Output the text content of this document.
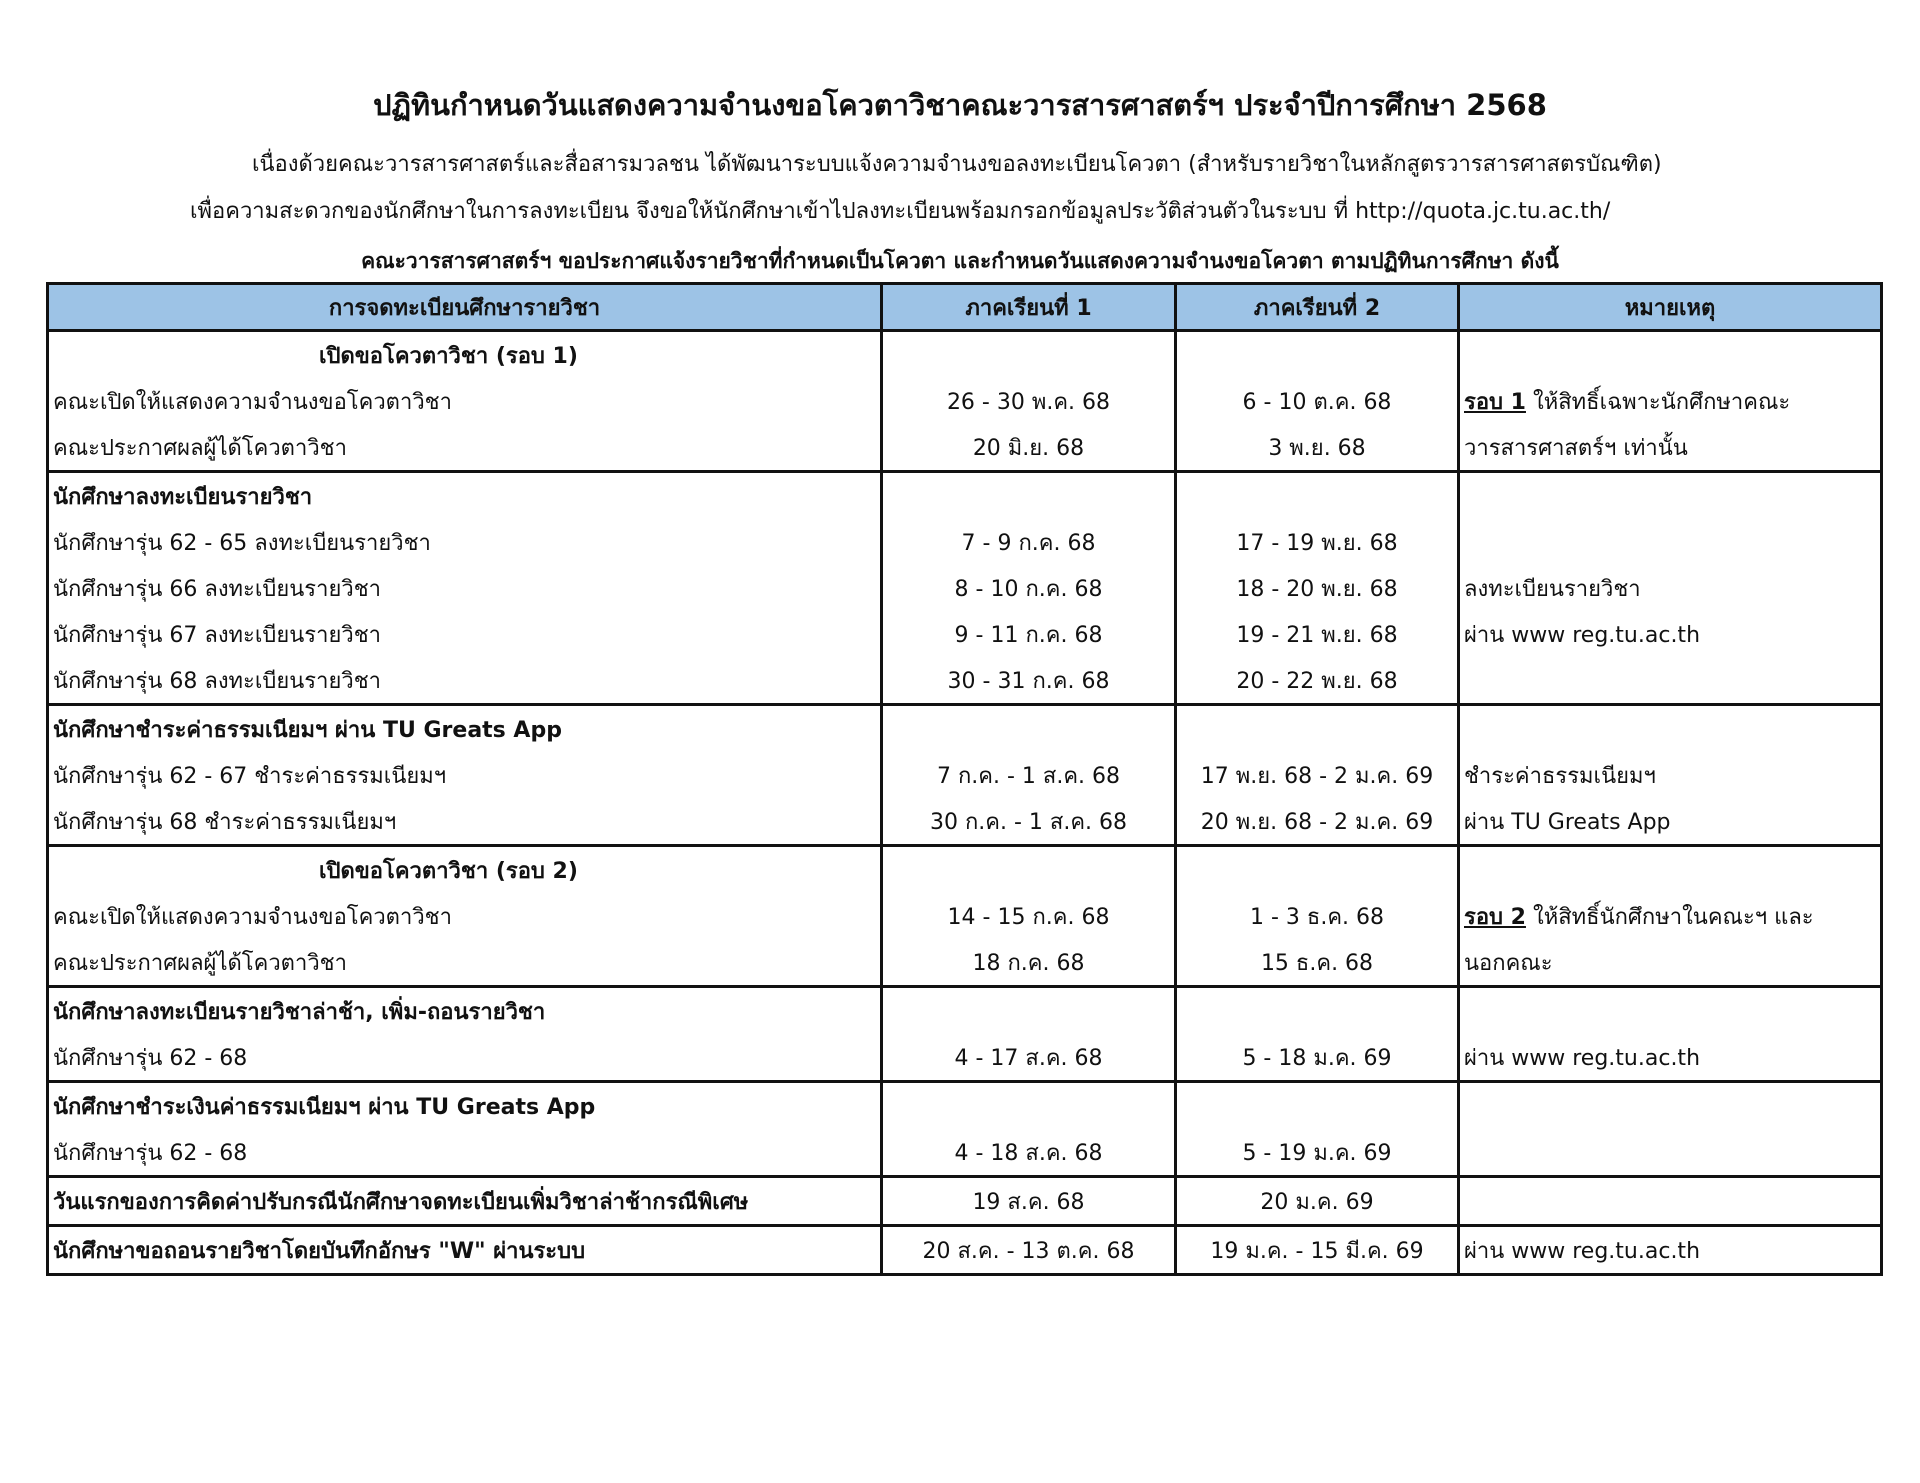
ปฏิทินกำหนดวันแสดงความจำนงขอโควตาวิชาคณะวารสารศาสตร์ฯ ประจำปีการศึกษา 2568
เนื่องด้วยคณะวารสารศาสตร์และสื่อสารมวลชน ได้พัฒนาระบบแจ้งความจำนงขอลงทะเบียนโควตา (สำหรับรายวิชาในหลักสูตรวารสารศาสตรบัณฑิต)
เพื่อความสะดวกของนักศึกษาในการลงทะเบียน จึงขอให้นักศึกษาเข้าไปลงทะเบียนพร้อมกรอกข้อมูลประวัติส่วนตัวในระบบ ที่ http://quota.jc.tu.ac.th/
คณะวารสารศาสตร์ฯ ขอประกาศแจ้งรายวิชาที่กำหนดเป็นโควตา และกำหนดวันแสดงความจำนงขอโควตา ตามปฏิทินการศึกษา ดังนี้
การจดทะเบียนศึกษารายวิชา	ภาคเรียนที่ 1	ภาคเรียนที่ 2	หมายเหตุ
เปิดขอโควตาวิชา (รอบ 1)			
คณะเปิดให้แสดงความจำนงขอโควตาวิชา	26 - 30 พ.ค. 68	6 - 10 ต.ค. 68	รอบ 1 ให้สิทธิ์เฉพาะนักศึกษาคณะ
คณะประกาศผลผู้ได้โควตาวิชา	20 มิ.ย. 68	3 พ.ย. 68	วารสารศาสตร์ฯ เท่านั้น
นักศึกษาลงทะเบียนรายวิชา			
นักศึกษารุ่น 62 - 65 ลงทะเบียนรายวิชา	7 - 9 ก.ค. 68	17 - 19 พ.ย. 68	
นักศึกษารุ่น 66 ลงทะเบียนรายวิชา	8 - 10 ก.ค. 68	18 - 20 พ.ย. 68	ลงทะเบียนรายวิชา
นักศึกษารุ่น 67 ลงทะเบียนรายวิชา	9 - 11 ก.ค. 68	19 - 21 พ.ย. 68	ผ่าน www reg.tu.ac.th
นักศึกษารุ่น 68 ลงทะเบียนรายวิชา	30 - 31 ก.ค. 68	20 - 22 พ.ย. 68	
นักศึกษาชำระค่าธรรมเนียมฯ ผ่าน TU Greats App			
นักศึกษารุ่น 62 - 67 ชำระค่าธรรมเนียมฯ	7 ก.ค. - 1 ส.ค. 68	17 พ.ย. 68 - 2 ม.ค. 69	ชำระค่าธรรมเนียมฯ
นักศึกษารุ่น 68 ชำระค่าธรรมเนียมฯ	30 ก.ค. - 1 ส.ค. 68	20 พ.ย. 68 - 2 ม.ค. 69	ผ่าน TU Greats App
เปิดขอโควตาวิชา (รอบ 2)			
คณะเปิดให้แสดงความจำนงขอโควตาวิชา	14 - 15 ก.ค. 68	1 - 3 ธ.ค. 68	รอบ 2 ให้สิทธิ์นักศึกษาในคณะฯ และ
คณะประกาศผลผู้ได้โควตาวิชา	18 ก.ค. 68	15 ธ.ค. 68	นอกคณะ
นักศึกษาลงทะเบียนรายวิชาล่าช้า, เพิ่ม-ถอนรายวิชา			
นักศึกษารุ่น 62 - 68	4 - 17 ส.ค. 68	5 - 18 ม.ค. 69	ผ่าน www reg.tu.ac.th
นักศึกษาชำระเงินค่าธรรมเนียมฯ ผ่าน TU Greats App			
นักศึกษารุ่น 62 - 68	4 - 18 ส.ค. 68	5 - 19 ม.ค. 69	
วันแรกของการคิดค่าปรับกรณีนักศึกษาจดทะเบียนเพิ่มวิชาล่าช้ากรณีพิเศษ	19 ส.ค. 68	20 ม.ค. 69	
นักศึกษาขอถอนรายวิชาโดยบันทึกอักษร "W" ผ่านระบบ	20 ส.ค. - 13 ต.ค. 68	19 ม.ค. - 15 มี.ค. 69	ผ่าน www reg.tu.ac.th
